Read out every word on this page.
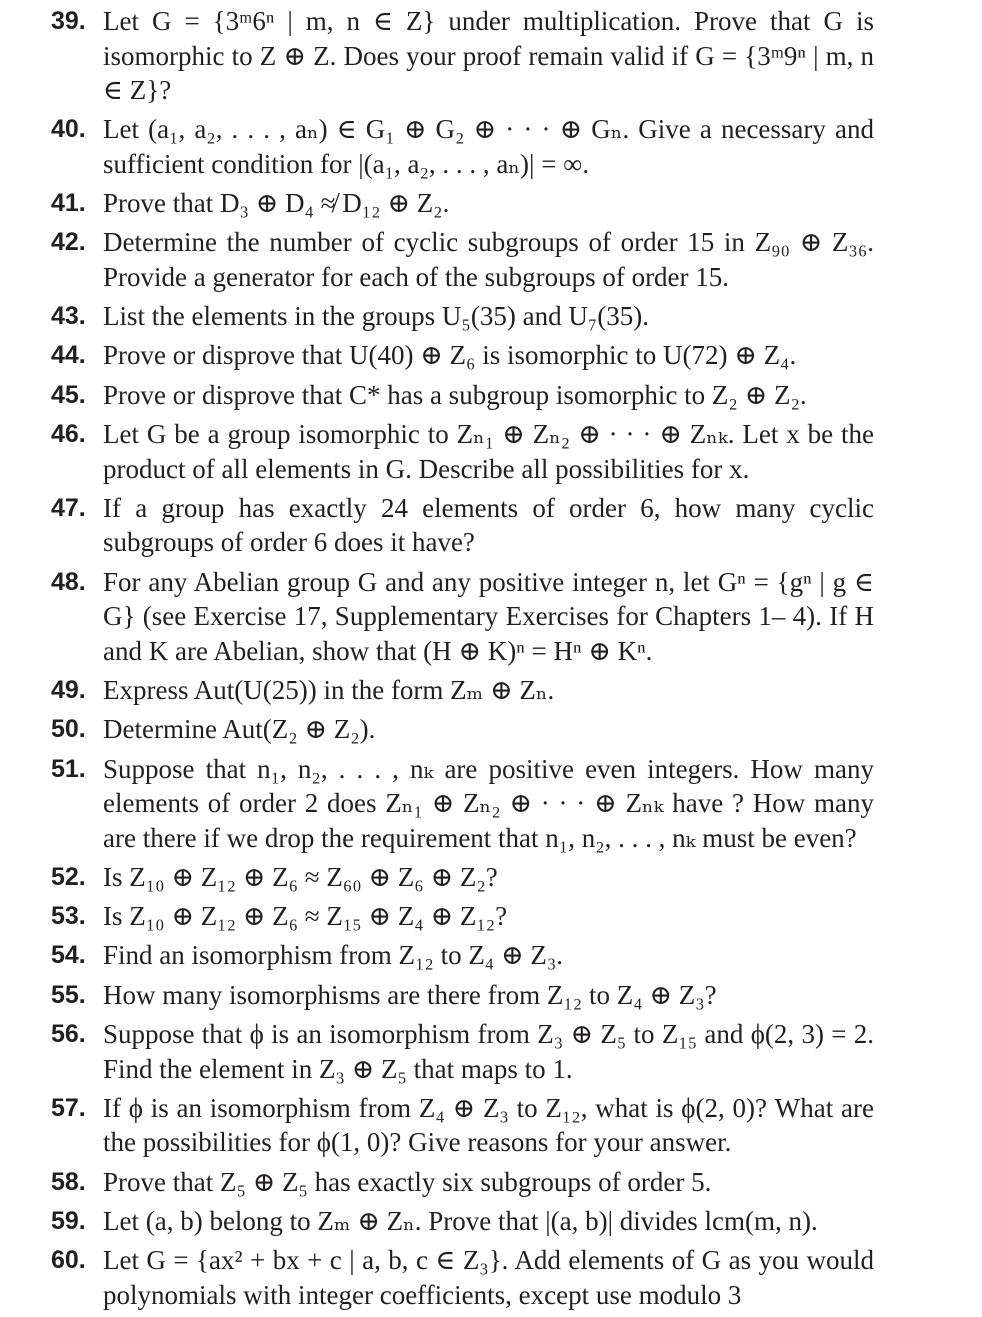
39. Let G = {3ᵐ6ⁿ | m, n ∈ Z} under multiplication. Prove that G is isomorphic to Z ⊕ Z. Does your proof remain valid if G = {3ᵐ9ⁿ | m, n ∈ Z}?
40. Let (a₁, a₂, . . . , aₙ) ∈ G₁ ⊕ G₂ ⊕ · · · ⊕ Gₙ. Give a necessary and sufficient condition for |(a₁, a₂, . . . , aₙ)| = ∞.
41. Prove that D₃ ⊕ D₄ ≉ D₁₂ ⊕ Z₂.
42. Determine the number of cyclic subgroups of order 15 in Z₉₀ ⊕ Z₃₆. Provide a generator for each of the subgroups of order 15.
43. List the elements in the groups U₅(35) and U₇(35).
44. Prove or disprove that U(40) ⊕ Z₆ is isomorphic to U(72) ⊕ Z₄.
45. Prove or disprove that C* has a subgroup isomorphic to Z₂ ⊕ Z₂.
46. Let G be a group isomorphic to Zₙ₁ ⊕ Zₙ₂ ⊕ · · · ⊕ Zₙₖ. Let x be the product of all elements in G. Describe all possibilities for x.
47. If a group has exactly 24 elements of order 6, how many cyclic subgroups of order 6 does it have?
48. For any Abelian group G and any positive integer n, let Gⁿ = {gⁿ | g ∈ G} (see Exercise 17, Supplementary Exercises for Chapters 1– 4). If H and K are Abelian, show that (H ⊕ K)ⁿ = Hⁿ ⊕ Kⁿ.
49. Express Aut(U(25)) in the form Zₘ ⊕ Zₙ.
50. Determine Aut(Z₂ ⊕ Z₂).
51. Suppose that n₁, n₂, . . . , nₖ are positive even integers. How many elements of order 2 does Zₙ₁ ⊕ Zₙ₂ ⊕ · · · ⊕ Zₙₖ have ? How many are there if we drop the requirement that n₁, n₂, . . . , nₖ must be even?
52. Is Z₁₀ ⊕ Z₁₂ ⊕ Z₆ ≈ Z₆₀ ⊕ Z₆ ⊕ Z₂?
53. Is Z₁₀ ⊕ Z₁₂ ⊕ Z₆ ≈ Z₁₅ ⊕ Z₄ ⊕ Z₁₂?
54. Find an isomorphism from Z₁₂ to Z₄ ⊕ Z₃.
55. How many isomorphisms are there from Z₁₂ to Z₄ ⊕ Z₃?
56. Suppose that ϕ is an isomorphism from Z₃ ⊕ Z₅ to Z₁₅ and ϕ(2, 3) = 2. Find the element in Z₃ ⊕ Z₅ that maps to 1.
57. If ϕ is an isomorphism from Z₄ ⊕ Z₃ to Z₁₂, what is ϕ(2, 0)? What are the possibilities for ϕ(1, 0)? Give reasons for your answer.
58. Prove that Z₅ ⊕ Z₅ has exactly six subgroups of order 5.
59. Let (a, b) belong to Zₘ ⊕ Zₙ. Prove that |(a, b)| divides lcm(m, n).
60. Let G = {ax² + bx + c | a, b, c ∈ Z₃}. Add elements of G as you would polynomials with integer coefficients, except use modulo 3
